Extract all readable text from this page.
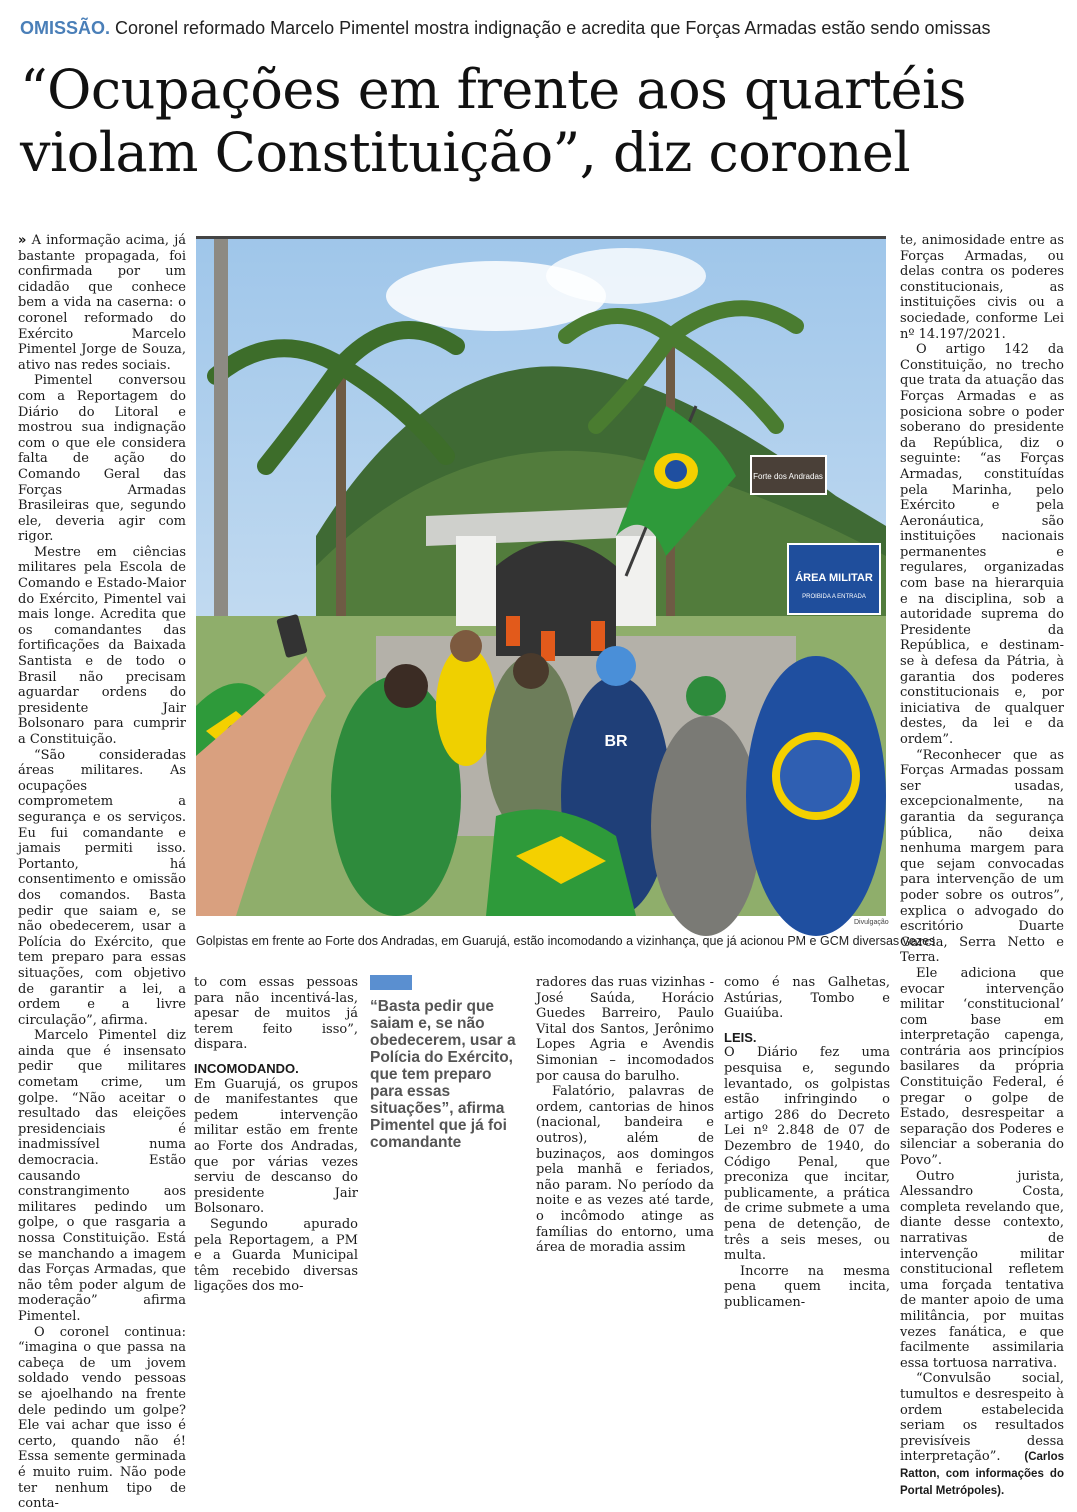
OMISSÃO. Coronel reformado Marcelo Pimentel mostra indignação e acredita que Forças Armadas estão sendo omissas
“Ocupações em frente aos quartéis
violam Constituição”, diz coronel

» A informação acima, já bastante propagada, foi confirmada por um cidadão que conhece bem a vida na caserna: o coronel reformado do Exército Marcelo Pimentel Jorge de Souza, ativo nas redes sociais.

Pimentel conversou com a Reportagem do Diário do Litoral e mostrou sua indignação com o que ele considera falta de ação do Comando Geral das Forças Armadas Brasileiras que, segundo ele, deveria agir com rigor.

Mestre em ciências militares pela Escola de Comando e Estado-Maior do Exército, Pimentel vai mais longe. Acredita que os comandantes das fortificações da Baixada Santista e de todo o Brasil não precisam aguardar ordens do presidente Jair Bolsonaro para cumprir a Constituição.

“São consideradas áreas militares. As ocupações comprometem a segurança e os serviços. Eu fui comandante e jamais permiti isso. Portanto, há consentimento e omissão dos comandos. Basta pedir que saiam e, se não obedecerem, usar a Polícia do Exército, que tem preparo para essas situações, com objetivo de garantir a lei, a ordem e a livre circulação”, afirma.

Marcelo Pimentel diz ainda que é insensato pedir que militares cometam crime, um golpe. “Não aceitar o resultado das eleições presidenciais é inadmissível numa democracia. Estão causando constrangimento aos militares pedindo um golpe, o que rasgaria a nossa Constituição. Está se manchando a imagem das Forças Armadas, que não têm poder algum de moderação” afirma Pimentel.

O coronel continua: “imagina o que passa na cabeça de um jovem soldado vendo pessoas se ajoelhando na frente dele pedindo um golpe? Ele vai achar que isso é certo, quando não é! Essa semente germinada é muito ruim. Não pode ter nenhum tipo de conta-

Forte dos Andradas
ÁREA MILITAR
PROIBIDA A ENTRADA
BR
Divulgação
Golpistas em frente ao Forte dos Andradas, em Guarujá, estão incomodando a vizinhança, que já acionou PM e GCM diversas vezes

to com essas pessoas para não incentivá-las, apesar de muitos já terem feito isso”, dispara.

INCOMODANDO.

Em Guarujá, os grupos de manifestantes que pedem intervenção militar estão em frente ao Forte dos Andradas, que por várias vezes serviu de descanso do presidente Jair Bolsonaro.

Segundo apurado pela Reportagem, a PM e a Guarda Municipal têm recebido diversas ligações dos mo-

“Basta pedir que saiam e, se não obedecerem, usar a Polícia do Exército, que tem preparo para essas situações”, afirma Pimentel que já foi comandante

radores das ruas vizinhas - José Saúda, Horácio Guedes Barreiro, Paulo Vital dos Santos, Jerônimo Lopes Agria e Avendis Simonian – incomodados por causa do barulho.

Falatório, palavras de ordem, cantorias de hinos (nacional, bandeira e outros), além de buzinaços, aos domingos pela manhã e feriados, não param. No período da noite e as vezes até tarde, o incômodo atinge as famílias do entorno, uma área de moradia assim

como é nas Galhetas, Astúrias, Tombo e Guaiúba.

LEIS.

O Diário fez uma pesquisa e, segundo levantado, os golpistas estão infringindo o artigo 286 do Decreto Lei nº 2.848 de 07 de Dezembro de 1940, do Código Penal, que preconiza que incitar, publicamente, a prática de crime submete a uma pena de detenção, de três a seis meses, ou multa.

Incorre na mesma pena quem incita, publicamen-

te, animosidade entre as Forças Armadas, ou delas contra os poderes constitucionais, as instituições civis ou a sociedade, conforme Lei nº 14.197/2021.

O artigo 142 da Constituição, no trecho que trata da atuação das Forças Armadas e as posiciona sobre o poder soberano do presidente da República, diz o seguinte: “as Forças Armadas, constituídas pela Marinha, pelo Exército e pela Aeronáutica, são instituições nacionais permanentes e regulares, organizadas com base na hierarquia e na disciplina, sob a autoridade suprema do Presidente da República, e destinam-se à defesa da Pátria, à garantia dos poderes constitucionais e, por iniciativa de qualquer destes, da lei e da ordem”.

“Reconhecer que as Forças Armadas possam ser usadas, excepcionalmente, na garantia da segurança pública, não deixa nenhuma margem para que sejam convocadas para intervenção de um poder sobre os outros”, explica o advogado do escritório Duarte Garcia, Serra Netto e Terra.

Ele adiciona que evocar intervenção militar ‘constitucional’ com base em interpretação capenga, contrária aos princípios basilares da própria Constituição Federal, é pregar o golpe de Estado, desrespeitar a separação dos Poderes e silenciar a soberania do Povo”.

Outro jurista, Alessandro Costa, completa revelando que, diante desse contexto, narrativas de intervenção militar constitucional refletem uma forçada tentativa de manter apoio de uma militância, por muitas vezes fanática, e que facilmente assimilaria essa tortuosa narrativa.

“Convulsão social, tumultos e desrespeito à ordem estabelecida seriam os resultados previsíveis dessa interpretação”. (Carlos Ratton, com informações do Portal Metrópoles).
